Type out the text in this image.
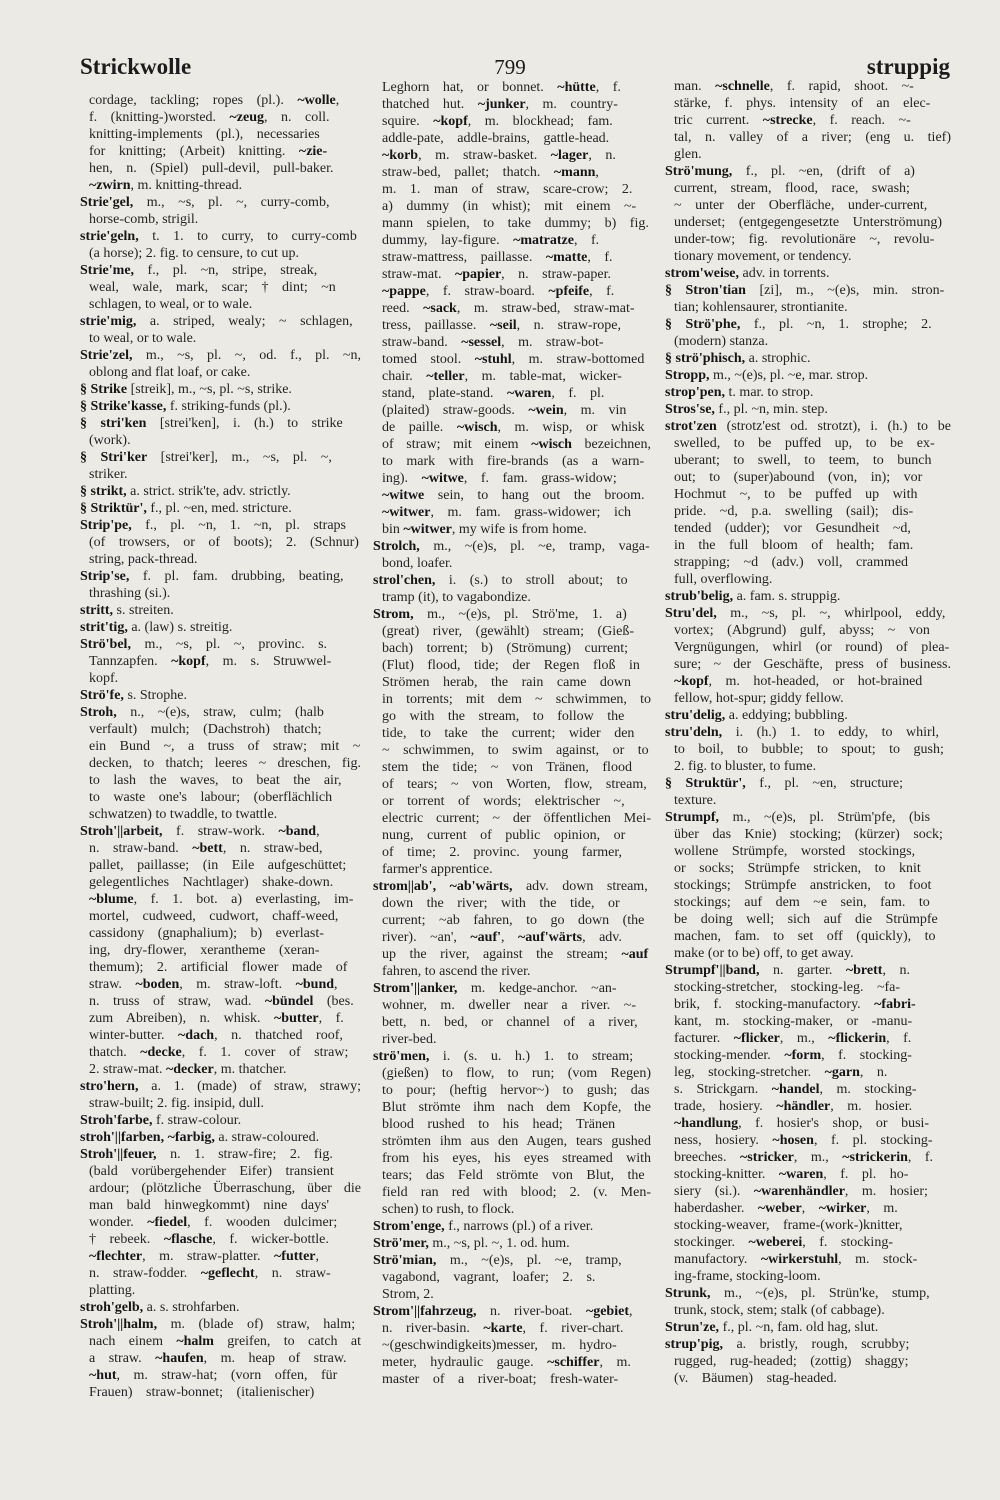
Strickwolle	799	struppig
cordage, tackling; ropes (pl.). ~wolle,
f. (knitting-)worsted. ~zeug, n. coll.
knitting-implements (pl.), necessaries
for knitting; (Arbeit) knitting. ~zie-
hen, n. (Spiel) pull-devil, pull-baker.
~zwirn, m. knitting-thread.
Strie'gel, m., ~s, pl. ~, curry-comb,
horse-comb, strigil.
strie'geln, t. 1. to curry, to curry-comb
(a horse); 2. fig. to censure, to cut up.
Strie'me, f., pl. ~n, stripe, streak,
weal, wale, mark, scar; † dint; ~n
schlagen, to weal, or to wale.
strie'mig, a. striped, wealy; ~ schlagen,
to weal, or to wale.
Strie'zel, m., ~s, pl. ~, od. f., pl. ~n,
oblong and flat loaf, or cake.
§ Strike [streik], m., ~s, pl. ~s, strike.
§ Strike'kasse, f. striking-funds (pl.).
§ stri'ken [strei'ken], i. (h.) to strike
(work).
§ Stri'ker [strei'ker], m., ~s, pl. ~,
striker.
§ strikt, a. strict. strik'te, adv. strictly.
§ Striktür', f., pl. ~en, med. stricture.
Strip'pe, f., pl. ~n, 1. ~n, pl. straps
(of trowsers, or of boots); 2. (Schnur)
string, pack-thread.
Strip'se, f. pl. fam. drubbing, beating,
thrashing (si.).
stritt, s. streiten.
strit'tig, a. (law) s. streitig.
Strö'bel, m., ~s, pl. ~, provinc. s.
Tannzapfen. ~kopf, m. s. Struwwel-
kopf.
Strö'fe, s. Strophe.
Stroh, n., ~(e)s, straw, culm; (halb
verfault) mulch; (Dachstroh) thatch;
ein Bund ~, a truss of straw; mit ~
decken, to thatch; leeres ~ dreschen, fig.
to lash the waves, to beat the air,
to waste one's labour; (oberflächlich
schwatzen) to twaddle, to twattle.
Stroh'||arbeit, f. straw-work. ~band,
n. straw-band. ~bett, n. straw-bed,
pallet, paillasse; (in Eile aufgeschüttet;
gelegentliches Nachtlager) shake-down.
~blume, f. 1. bot. a) everlasting, im-
mortel, cudweed, cudwort, chaff-weed,
cassidony (gnaphalium); b) everlast-
ing, dry-flower, xerantheme (xeran-
themum); 2. artificial flower made of
straw. ~boden, m. straw-loft. ~bund,
n. truss of straw, wad. ~bündel (bes.
zum Abreiben), n. whisk. ~butter, f.
winter-butter. ~dach, n. thatched roof,
thatch. ~decke, f. 1. cover of straw;
2. straw-mat. ~decker, m. thatcher.
stro'hern, a. 1. (made) of straw, strawy;
straw-built; 2. fig. insipid, dull.
Stroh'farbe, f. straw-colour.
stroh'||farben, ~farbig, a. straw-coloured.
Stroh'||feuer, n. 1. straw-fire; 2. fig.
(bald vorübergehender Eifer) transient
ardour; (plötzliche Überraschung, über die
man bald hinwegkommt) nine days'
wonder. ~fiedel, f. wooden dulcimer;
† rebeek. ~flasche, f. wicker-bottle.
~flechter, m. straw-platter. ~futter,
n. straw-fodder. ~geflecht, n. straw-
platting.
stroh'gelb, a. s. strohfarben.
Stroh'||halm, m. (blade of) straw, halm;
nach einem ~halm greifen, to catch at
a straw. ~haufen, m. heap of straw.
~hut, m. straw-hat; (vorn offen, für
Frauen) straw-bonnet; (italienischer)
Leghorn hat, or bonnet. ~hütte, f.
thatched hut. ~junker, m. country-
squire. ~kopf, m. blockhead; fam.
addle-pate, addle-brains, gattle-head.
~korb, m. straw-basket. ~lager, n.
straw-bed, pallet; thatch. ~mann,
m. 1. man of straw, scare-crow; 2.
a) dummy (in whist); mit einem ~-
mann spielen, to take dummy; b) fig.
dummy, lay-figure. ~matratze, f.
straw-mattress, paillasse. ~matte, f.
straw-mat. ~papier, n. straw-paper.
~pappe, f. straw-board. ~pfeife, f.
reed. ~sack, m. straw-bed, straw-mat-
tress, paillasse. ~seil, n. straw-rope,
straw-band. ~sessel, m. straw-bot-
tomed stool. ~stuhl, m. straw-bottomed
chair. ~teller, m. table-mat, wicker-
stand, plate-stand. ~waren, f. pl.
(plaited) straw-goods. ~wein, m. vin
de paille. ~wisch, m. wisp, or whisk
of straw; mit einem ~wisch bezeichnen,
to mark with fire-brands (as a warn-
ing). ~witwe, f. fam. grass-widow;
~witwe sein, to hang out the broom.
~witwer, m. fam. grass-widower; ich
bin ~witwer, my wife is from home.
Strolch, m., ~(e)s, pl. ~e, tramp, vaga-
bond, loafer.
strol'chen, i. (s.) to stroll about; to
tramp (it), to vagabondize.
Strom, m., ~(e)s, pl. Strö'me, 1. a)
(great) river, (gewählt) stream; (Gieß-
bach) torrent; b) (Strömung) current;
(Flut) flood, tide; der Regen floß in
Strömen herab, the rain came down
in torrents; mit dem ~ schwimmen, to
go with the stream, to follow the
tide, to take the current; wider den
~ schwimmen, to swim against, or to
stem the tide; ~ von Tränen, flood
of tears; ~ von Worten, flow, stream,
or torrent of words; elektrischer ~,
electric current; ~ der öffentlichen Mei-
nung, current of public opinion, or
of time; 2. provinc. young farmer,
farmer's apprentice.
strom||ab', ~ab'wärts, adv. down stream,
down the river; with the tide, or
current; ~ab fahren, to go down (the
river). ~an', ~auf', ~auf'wärts, adv.
up the river, against the stream; ~auf
fahren, to ascend the river.
Strom'||anker, m. kedge-anchor. ~an-
wohner, m. dweller near a river. ~-
bett, n. bed, or channel of a river,
river-bed.
strö'men, i. (s. u. h.) 1. to stream;
(gießen) to flow, to run; (vom Regen)
to pour; (heftig hervor~) to gush; das
Blut strömte ihm nach dem Kopfe, the
blood rushed to his head; Tränen
strömten ihm aus den Augen, tears gushed
from his eyes, his eyes streamed with
tears; das Feld strömte von Blut, the
field ran red with blood; 2. (v. Men-
schen) to rush, to flock.
Strom'enge, f., narrows (pl.) of a river.
Strö'mer, m., ~s, pl. ~, 1. od. hum.
Strö'mian, m., ~(e)s, pl. ~e, tramp,
vagabond, vagrant, loafer; 2. s.
Strom, 2.
Strom'||fahrzeug, n. river-boat. ~gebiet,
n. river-basin. ~karte, f. river-chart.
~(geschwindigkeits)messer, m. hydro-
meter, hydraulic gauge. ~schiffer, m.
master of a river-boat; fresh-water-
man. ~schnelle, f. rapid, shoot. ~-
stärke, f. phys. intensity of an elec-
tric current. ~strecke, f. reach. ~-
tal, n. valley of a river; (eng u. tief)
glen.
Strö'mung, f., pl. ~en, (drift of a)
current, stream, flood, race, swash;
~ unter der Oberfläche, under-current,
underset; (entgegengesetzte Unterströmung)
under-tow; fig. revolutionäre ~, revolu-
tionary movement, or tendency.
strom'weise, adv. in torrents.
§ Stron'tian [zi], m., ~(e)s, min. stron-
tian; kohlensaurer, strontianite.
§ Strö'phe, f., pl. ~n, 1. strophe; 2.
(modern) stanza.
§ strö'phisch, a. strophic.
Stropp, m., ~(e)s, pl. ~e, mar. strop.
strop'pen, t. mar. to strop.
Stros'se, f., pl. ~n, min. step.
strot'zen (strotz'est od. strotzt), i. (h.) to be
swelled, to be puffed up, to be ex-
uberant; to swell, to teem, to bunch
out; to (super)abound (von, in); vor
Hochmut ~, to be puffed up with
pride. ~d, p.a. swelling (sail); dis-
tended (udder); vor Gesundheit ~d,
in the full bloom of health; fam.
strapping; ~d (adv.) voll, crammed
full, overflowing.
strub'belig, a. fam. s. struppig.
Stru'del, m., ~s, pl. ~, whirlpool, eddy,
vortex; (Abgrund) gulf, abyss; ~ von
Vergnügungen, whirl (or round) of plea-
sure; ~ der Geschäfte, press of business.
~kopf, m. hot-headed, or hot-brained
fellow, hot-spur; giddy fellow.
stru'delig, a. eddying; bubbling.
stru'deln, i. (h.) 1. to eddy, to whirl,
to boil, to bubble; to spout; to gush;
2. fig. to bluster, to fume.
§ Struktür', f., pl. ~en, structure;
texture.
Strumpf, m., ~(e)s, pl. Strüm'pfe, (bis
über das Knie) stocking; (kürzer) sock;
wollene Strümpfe, worsted stockings,
or socks; Strümpfe stricken, to knit
stockings; Strümpfe anstricken, to foot
stockings; auf dem ~e sein, fam. to
be doing well; sich auf die Strümpfe
machen, fam. to set off (quickly), to
make (or to be) off, to get away.
Strumpf'||band, n. garter. ~brett, n.
stocking-stretcher, stocking-leg. ~fa-
brik, f. stocking-manufactory. ~fabri-
kant, m. stocking-maker, or -manu-
facturer. ~flicker, m., ~flickerin, f.
stocking-mender. ~form, f. stocking-
leg, stocking-stretcher. ~garn, n.
s. Strickgarn. ~handel, m. stocking-
trade, hosiery. ~händler, m. hosier.
~handlung, f. hosier's shop, or busi-
ness, hosiery. ~hosen, f. pl. stocking-
breeches. ~stricker, m., ~strickerin, f.
stocking-knitter. ~waren, f. pl. ho-
siery (si.). ~warenhändler, m. hosier;
haberdasher. ~weber, ~wirker, m.
stocking-weaver, frame-(work-)knitter,
stockinger. ~weberei, f. stocking-
manufactory. ~wirkerstuhl, m. stock-
ing-frame, stocking-loom.
Strunk, m., ~(e)s, pl. Strün'ke, stump,
trunk, stock, stem; stalk (of cabbage).
Strun'ze, f., pl. ~n, fam. old hag, slut.
strup'pig, a. bristly, rough, scrubby;
rugged, rug-headed; (zottig) shaggy;
(v. Bäumen) stag-headed.
